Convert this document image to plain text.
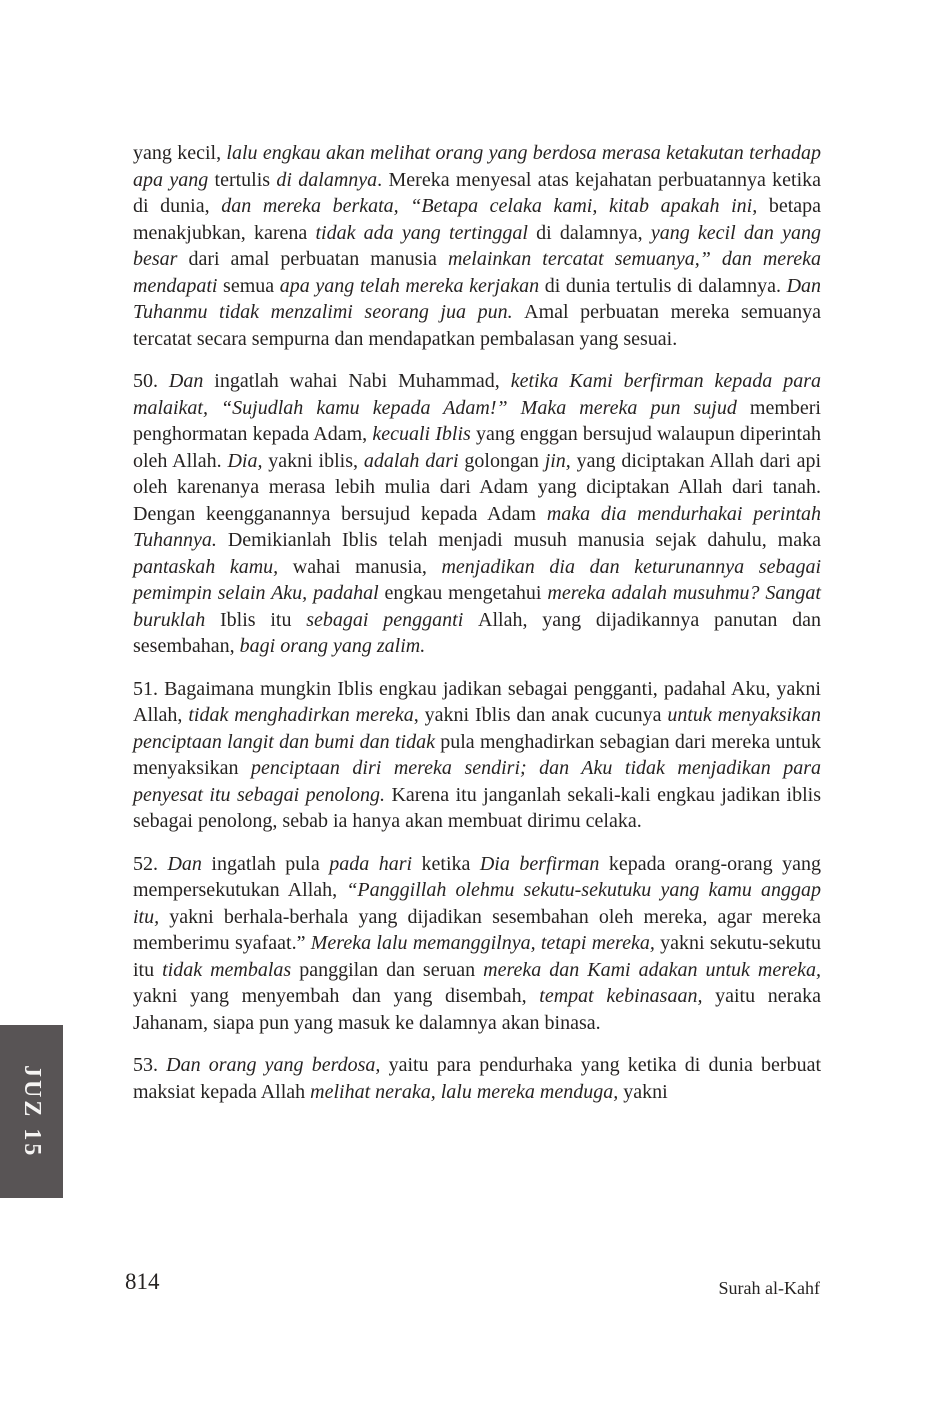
JUZ 15

yang kecil, lalu engkau akan melihat orang yang berdosa merasa ketakutan terhadap apa yang tertulis di dalamnya. Mereka menyesal atas kejahatan perbuatannya ketika di dunia, dan mereka berkata, “Betapa celaka kami, kitab apakah ini, betapa menakjubkan, karena tidak ada yang tertinggal di dalamnya, yang kecil dan yang besar dari amal perbuatan manusia melainkan tercatat semuanya,” dan mereka mendapati semua apa yang telah mereka kerjakan di dunia tertulis di dalamnya. Dan Tuhanmu tidak menzalimi seorang jua pun. Amal perbuatan mereka semuanya tercatat secara sempurna dan mendapatkan pembalasan yang sesuai.

50. Dan ingatlah wahai Nabi Muhammad, ketika Kami berfirman kepada para malaikat, “Sujudlah kamu kepada Adam!” Maka mereka pun sujud memberi penghormatan kepada Adam, kecuali Iblis yang enggan bersujud walaupun diperintah oleh Allah. Dia, yakni iblis, adalah dari golongan jin, yang diciptakan Allah dari api oleh karenanya merasa lebih mulia dari Adam yang diciptakan Allah dari tanah. Dengan keengganannya bersujud kepada Adam maka dia mendurhakai perintah Tuhannya. Demikianlah Iblis telah menjadi musuh manusia sejak dahulu, maka pantaskah kamu, wahai manusia, menjadikan dia dan keturunannya sebagai pemimpin selain Aku, padahal engkau mengetahui mereka adalah musuhmu? Sangat buruklah Iblis itu sebagai pengganti Allah, yang dijadikannya panutan dan sesembahan, bagi orang yang zalim.

51. Bagaimana mungkin Iblis engkau jadikan sebagai pengganti, padahal Aku, yakni Allah, tidak menghadirkan mereka, yakni Iblis dan anak cucunya untuk menyaksikan penciptaan langit dan bumi dan tidak pula menghadirkan sebagian dari mereka untuk menyaksikan penciptaan diri mereka sendiri; dan Aku tidak menjadikan para penyesat itu sebagai penolong. Karena itu janganlah sekali-kali engkau jadikan iblis sebagai penolong, sebab ia hanya akan membuat dirimu celaka.

52. Dan ingatlah pula pada hari ketika Dia berfirman kepada orang-orang yang mempersekutukan Allah, “Panggillah olehmu sekutu-sekutuku yang kamu anggap itu, yakni berhala-berhala yang dijadikan sesembahan oleh mereka, agar mereka memberimu syafaat.” Mereka lalu memanggilnya, tetapi mereka, yakni sekutu-sekutu itu tidak membalas panggilan dan seruan mereka dan Kami adakan untuk mereka, yakni yang menyembah dan yang disembah, tempat kebinasaan, yaitu neraka Jahanam, siapa pun yang masuk ke dalamnya akan binasa.

53. Dan orang yang berdosa, yaitu para pendurhaka yang ketika di dunia berbuat maksiat kepada Allah melihat neraka, lalu mereka menduga, yakni

814	Surah al-Kahf
